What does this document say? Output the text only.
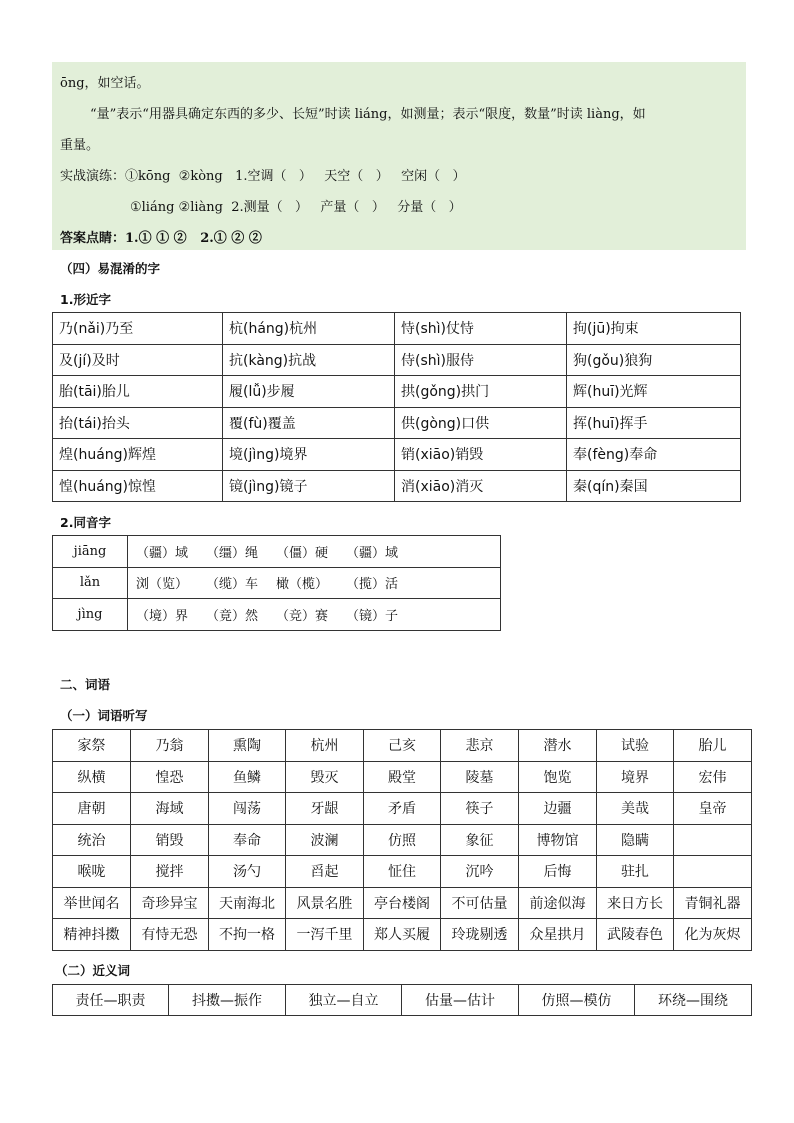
ōng，如空话。
“量”表示“用器具确定东西的多少、长短”时读 liáng，如测量；表示“限度，数量”时读 liàng，如
重量。
实战演练：①kōng  ②kòng   1.空调（   ）   天空（   ）   空闲（   ）
①liáng ②liàng  2.测量（   ）   产量（   ）   分量（   ）
答案点睛：1.① ① ②   2.① ② ②
（四）易混淆的字
1.形近字
乃(nǎi)乃至	杭(háng)杭州	恃(shì)仗恃	拘(jū)拘束
及(jí)及时	抗(kàng)抗战	侍(shì)服侍	狗(gǒu)狼狗
胎(tāi)胎儿	履(lǚ)步履	拱(gǒng)拱门	辉(huī)光辉
抬(tái)抬头	覆(fù)覆盖	供(gòng)口供	挥(huī)挥手
煌(huáng)辉煌	境(jìng)境界	销(xiāo)销毁	奉(fèng)奉命
惶(huáng)惊惶	镜(jìng)镜子	消(xiāo)消灭	秦(qín)秦国
2.同音字
jiāng	（疆）域 （缰）绳 （僵）硬 （疆）域
lǎn	浏（览） （缆）车 橄（榄） （揽）活
jìng	（境）界 （竟）然 （竞）赛 （镜）子
二、词语
（一）词语听写
家祭	乃翁	熏陶	杭州	己亥	悲京	潜水	试验	胎儿
纵横	惶恐	鱼鳞	毁灭	殿堂	陵墓	饱览	境界	宏伟
唐朝	海域	闯荡	牙龈	矛盾	筷子	边疆	美哉	皇帝
统治	销毁	奉命	波澜	仿照	象征	博物馆	隐瞒	
喉咙	搅拌	汤勺	舀起	怔住	沉吟	后悔	驻扎	
举世闻名	奇珍异宝	天南海北	风景名胜	亭台楼阁	不可估量	前途似海	来日方长	青铜礼器
精神抖擞	有恃无恐	不拘一格	一泻千里	郑人买履	玲珑剔透	众星拱月	武陵春色	化为灰烬
（二）近义词
责任—职责	抖擞—振作	独立—自立	估量—估计	仿照—模仿	环绕—围绕
